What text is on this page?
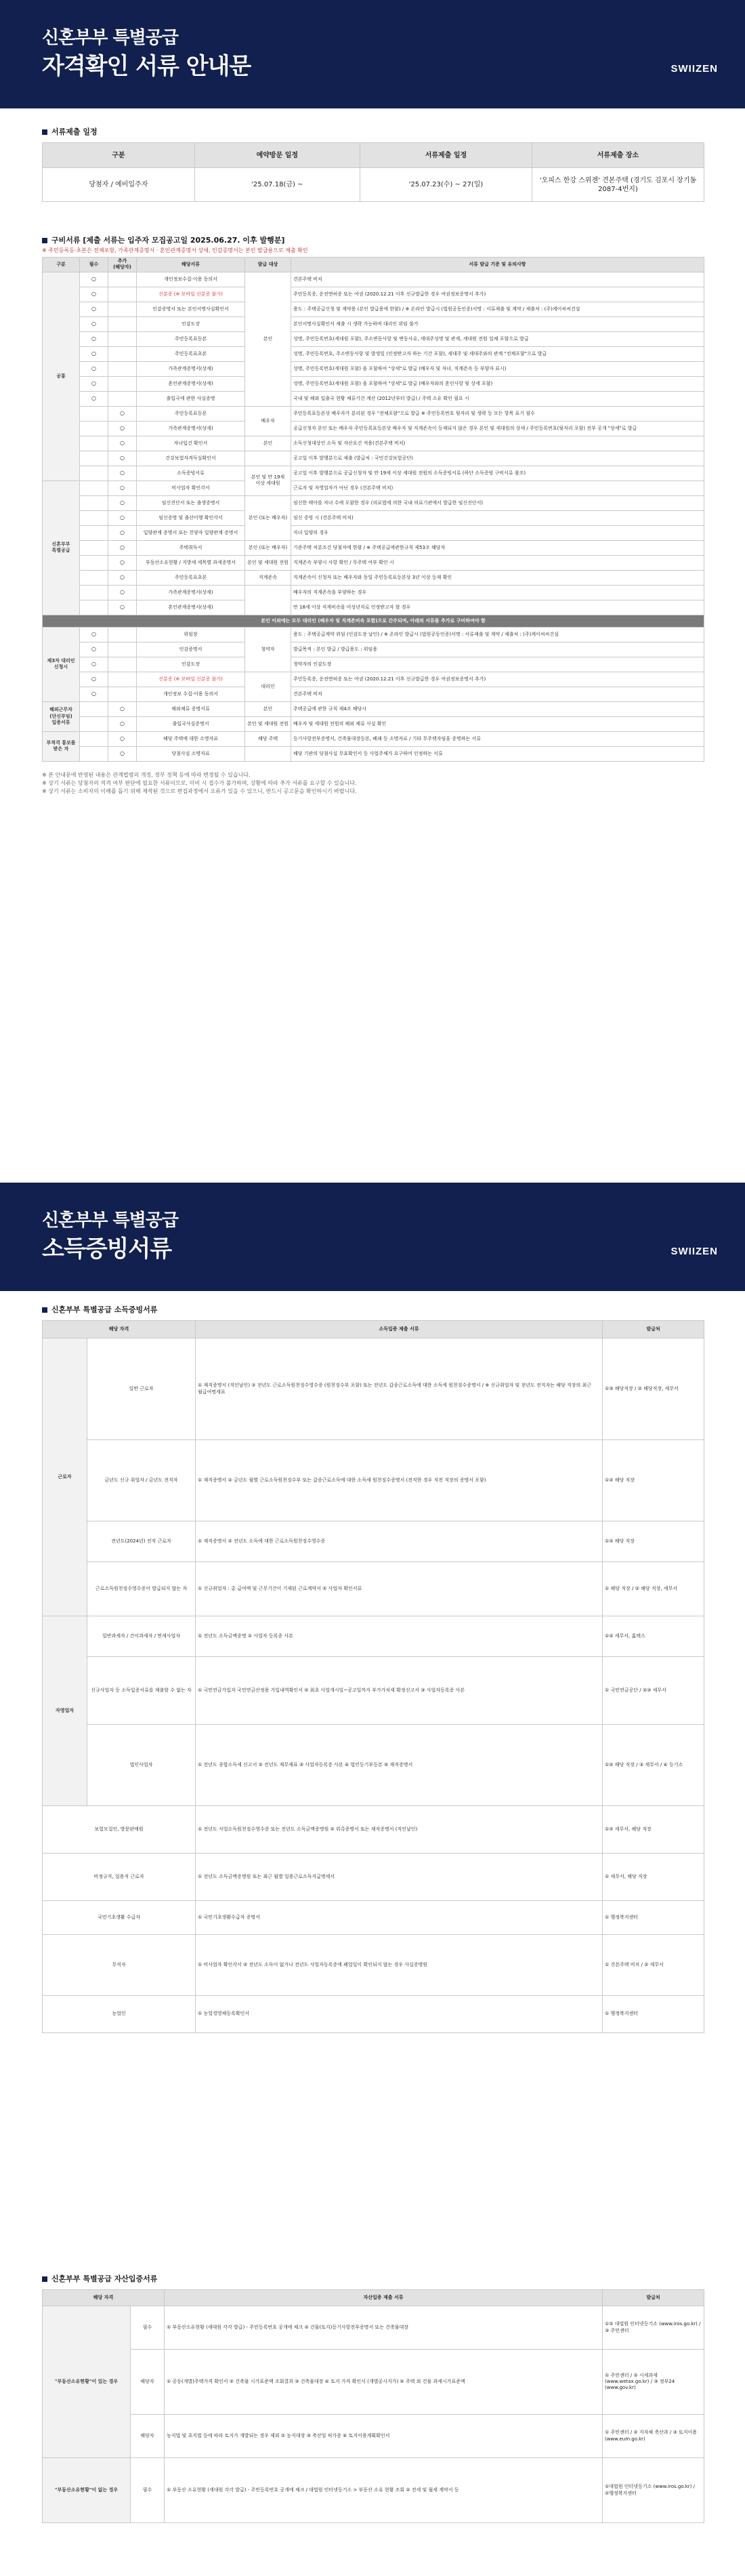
신혼부부 특별공급
자격확인 서류 안내문	SWIIZEN
서류제출 일정
구분	예약방문 일정	서류제출 일정	서류제출 장소
당첨자 / 예비입주자	'25.07.18(금) ~	'25.07.23(수) ~ 27(일)	'오피스 한강 스위젠' 견본주택 (경기도 김포시 장기동 2087-4번지)
구비서류 [제출 서류는 입주자 모집공고일 2025.06.27. 이후 발행분]
※ 주민등록등·초본은 전체포함, 가족관계증명서 · 혼인관계증명서 상세, 인감증명서는 본인 발급용으로 제출 확인
구분	필수	추가(해당자)	해당서류	발급 대상	서류 발급 기준 및 유의사항
공통	○		개인정보수집·이용 동의서	본인	견본주택 비치
	○		신분증 (※ 모바일 신분증 불가)		주민등록증, 운전면허증 또는 여권 (2020.12.21 이후 신규발급한 경우 여권정보증명서 추가)
	○		인감증명서 또는 본인서명사실확인서		용도 : 주택공급신청 및 계약용 (본인 발급용에 한함) / ※ 온라인 발급시 (법원공동인증)서명 : 서류제출 및 계약 / 제출처 : (주)케이씨씨건설
	○		인감도장		본인서명사실확인서 제출 시 생략 가능하며 대리인 위임 불가
	○		주민등록표등본		성명, 주민등록번호(세대원 포함), 주소변동사항 및 변동사유, 세대주성명 및 관계, 세대원 전원 일체 포함으로 발급
	○		주민등록표초본		성명, 주민등록번호, 주소변동사항 및 발생일 (인정받고자 하는 기간 포함), 세대주 및 세대주와의 관계 "전체포함"으로 발급
	○		가족관계증명서(상세)		성명, 주민등록번호(세대원 포함) 을 포함하여 "상세"로 발급 (배우자 및 자녀, 직계존속 등 부양자 표시)
	○		혼인관계증명서(상세)		성명, 주민등록번호(세대원 포함) 을 포함하여 "상세"로 발급 (배우자와의 혼인사항 및 상세 포함)
	○		출입국에 관한 사실증명		국내 및 해외 입출국 현황 체류기간 계산 (2012년부터 발급) / 주택 소유 확인 필요 시
		○	주민등록표등본	배우자	주민등록표등본상 배우자가 분리된 경우 "전체포함"으로 발급 ※ 주민등록번호 뒷자리 및 생략 등 모든 항목 표기 필수
		○	가족관계증명서(상세)		공급신청자 본인 또는 배우자 주민등록표등본상 배우자 및 직계존속이 등재되지 않은 경우 본인 및 세대원의 상세 / 주민등록번호(뒷자리 포함) 전부 공개 "상세"로 발급
		○	자녀입건 확인서	본인	소득신청대상인 소득 및 자산요건 적용(견본주택 비치)
		○	건강보험자격득실확인서		공고일 이후 발행분으로 제출 (발급처 : 국민건강보험공단)
		○	소득증빙서류	본인 및 만 19세 이상 세대원	공고일 이후 발행분으로 공급신청자 및 만 19세 이상 세대원 전원의 소득증빙서류 (하단 소득증빙 구비서류 참조)
신혼부부 특별공급		○	비사업자 확인각서		근로자 및 자영업자가 아닌 경우 (견본주택 비치)
		○	임신진단서 또는 출생증명서	본인 (또는 배우자)	임신한 태아를 자녀 수에 포함한 경우 (의료법에 의한 국내 의료기관에서 발급한 임신진단서)
		○	임신증명 및 출산이행 확인각서		임신 증빙 시 (견본주택 비치)
		○	입양관계 증명서 또는 친양자 입양관계 증명서		자녀 입양의 경우
		○	주택취득서	본인 (또는 배우자)	기준주택 처분조건 당첨자에 한함 / ※ 주택공급에관한규칙 제53조 해당자
		○	부동산소유현황 / 지방세 세목별 과세증명서	본인 및 세대원 전원	직계존속 부양시 사항 확인 / 무주택 여부 확인 시
		○	주민등록표초본	직계존속	직계존속이 신청자 또는 배우자와 동일 주민등록표등본상 3년 이상 등재 확인
		○	가족관계증명서(상세)		배우자의 직계존속을 부양하는 경우
		○	혼인관계증명서(상세)		만 18세 이상 직계비속을 미성년자로 인정받고자 할 경우
본인 이외에는 모두 대리인 (배우자 및 직계존비속 포함)으로 간주되며, 아래의 서류를 추가로 구비하여야 함					
제3자 대리인 신청시	○		위임장	청약자	용도 : 주택공급계약 위임 (인감도장 날인) / ※ 온라인 발급시 (법원공동인증)서명 : 서류제출 및 계약 / 제출처 : (주)케이씨씨건설
	○		인감증명서		발급목적 : 본인 발급 / 발급용도 : 위임용
	○		인감도장		청약자의 인감도장
	○		신분증 (※ 모바일 신분증 불가)	대리인	주민등록증, 운전면허증 또는 여권 (2020.12.21 이후 신규발급한 경우 여권정보증명서 추가)
	○		개인정보 수집·이용 동의서		견본주택 비치
해외근무자 (단신부임) 입증서류		○	해외체류 증명서류	본인	주택공급에 관한 규칙 제4조 해당시
		○	출입국사실증명서	본인 및 세대원 전원	배우자 및 세대원 전원의 해외 체류 사실 확인
부적격 통보를 받은 자		○	해당 주택에 대한 소명자료	해당 주택	등기사항전부증명서, 건축물대장등본, 폐쇄 등 소명자료 / 기타 무주택자임을 증명하는 서류
		○	당첨사실 소명자료		해당 기관의 당첨사실 무효확인서 등 사업주체가 요구하여 인정하는 서류
※ 본 안내문에 반영된 내용은 관계법령의 개정, 정부 정책 등에 따라 변경될 수 있습니다.
※ 상기 서류는 당첨자의 적격 여부 판단에 필요한 서류이므로, 미비 시 접수가 불가하며, 상황에 따라 추가 서류를 요구할 수 있습니다.
※ 상기 서류는 소비자의 이해를 돕기 위해 제작된 것으로 편집과정에서 오류가 있을 수 있으니, 반드시 공고문을 확인하시기 바랍니다.
신혼부부 특별공급
소득증빙서류	SWIIZEN
신혼부부 특별공급 소득증빙서류
해당 자격		소득입증 제출 서류	발급처
근로자	일반 근로자	① 재직증명서 (직인날인) ② 전년도 근로소득원천징수영수증 (원천징수부 포함) 또는 전년도 갑종근로소득에 대한 소득세 원천징수증명서 / ※ 신규취업자 및 전년도 전직자는 해당 직장의 최근 월급여명세표	①③ 해당직장 / ② 해당직장, 세무서
	금년도 신규 취업자 / 금년도 전직자	① 재직증명서 ② 금년도 월별 근로소득원천징수부 또는 갑종근로소득에 대한 소득세 원천징수증명서 (전직한 경우 직전 직장의 증명서 포함)	①② 해당 직장
	전년도(2024년) 전직 근로자	① 재직증명서 ② 전년도 소득에 대한 근로소득원천징수영수증	①② 해당 직장
	근로소득원천징수영수증이 발급되지 않는 자	① 신규취업자 : 총 급여액 및 근무기간이 기재된 근로계약서 ② 사업자 확인서류	① 해당 직장 / ② 해당 직장, 세무서
자영업자	일반과세자 / 간이과세자 / 면세사업자	① 전년도 소득금액증명 ② 사업자 등록증 사본	①② 세무서, 홈택스
	신규사업자 등 소득입증서류를 제출할 수 없는 자	① 국민연금가입자 국민연금산정용 가입내역확인서 ② 최초 사업개시일~공고일까지 부가가치세 확정신고서 ③ 사업자등록증 사본	① 국민연금공단 / ②③ 세무서
	법인사업자	① 전년도 종합소득세 신고서 ② 전년도 재무제표 ③ 사업자등록증 사본 ④ 법인등기부등본 ⑤ 재직증명서	①② 해당 직장 / ③ 세무서 / ④ 등기소
보험모집인, 방문판매원		① 전년도 사업소득원천징수영수증 또는 전년도 소득금액증명원 ② 위촉증명서 또는 재직증명서 (직인날인)	①② 세무서, 해당 직장
비정규직, 일용직 근로자		① 전년도 소득금액증명원 또는 최근 월별 일용근로소득지급명세서	① 세무서, 해당 직장
국민기초생활 수급자		① 국민기초생활수급자 증명서	① 행정복지센터
무직자		① 비사업자 확인각서 ② 전년도 소득이 없거나 전년도 사업자등록증에 폐업일이 확인되지 않는 경우 사실증명원	① 견본주택 비치 / ② 세무서
농업인		① 농업경영체등록확인서	① 행정복지센터
신혼부부 특별공급 자산입증서류
해당 자격		자산입증 제출 서류	발급처
"부동산소유현황"이 있는 경우	필수	① 부동산소유현황 (세대원 각각 발급) - 주민등록번호 공개에 체크 ② 건물(토지)등기사항전부증명서 또는 건축물대장	①② 대법원 인터넷등기소 (www.iros.go.kr) / ③ 주민센터
	해당자	① 공동(개별)주택가격 확인서 ② 건축물 시가표준액 조회결과 ③ 건축물대장 ④ 토지 가격 확인서 (개별공시지가) ⑤ 주택 외 건물 과세시가표준액	① 주민센터 / ② 시세과세 (www.wetax.go.kr) / ③ 정부24 (www.gov.kr)
	해당자	농지법 및 초지법 등에 따라 토지가 개발되는 경우 제외 ② 농지대장 ③ 축산업 허가증 ④ 토지이용계획확인서	① 주민센터 / ② 지자체 축산과 / ③ 토지이용 (www.eum.go.kr)
"부동산소유현황"이 없는 경우	필수	① 부동산 소유현황 (세대원 각각 발급) - 주민등록번호 공개에 체크 / 대법원 인터넷등기소 > 부동산 소유 현황 조회 ② 전세 및 월세 계약서 등	①대법원 인터넷등기소 (www.iros.go.kr) / ②행정복지센터
